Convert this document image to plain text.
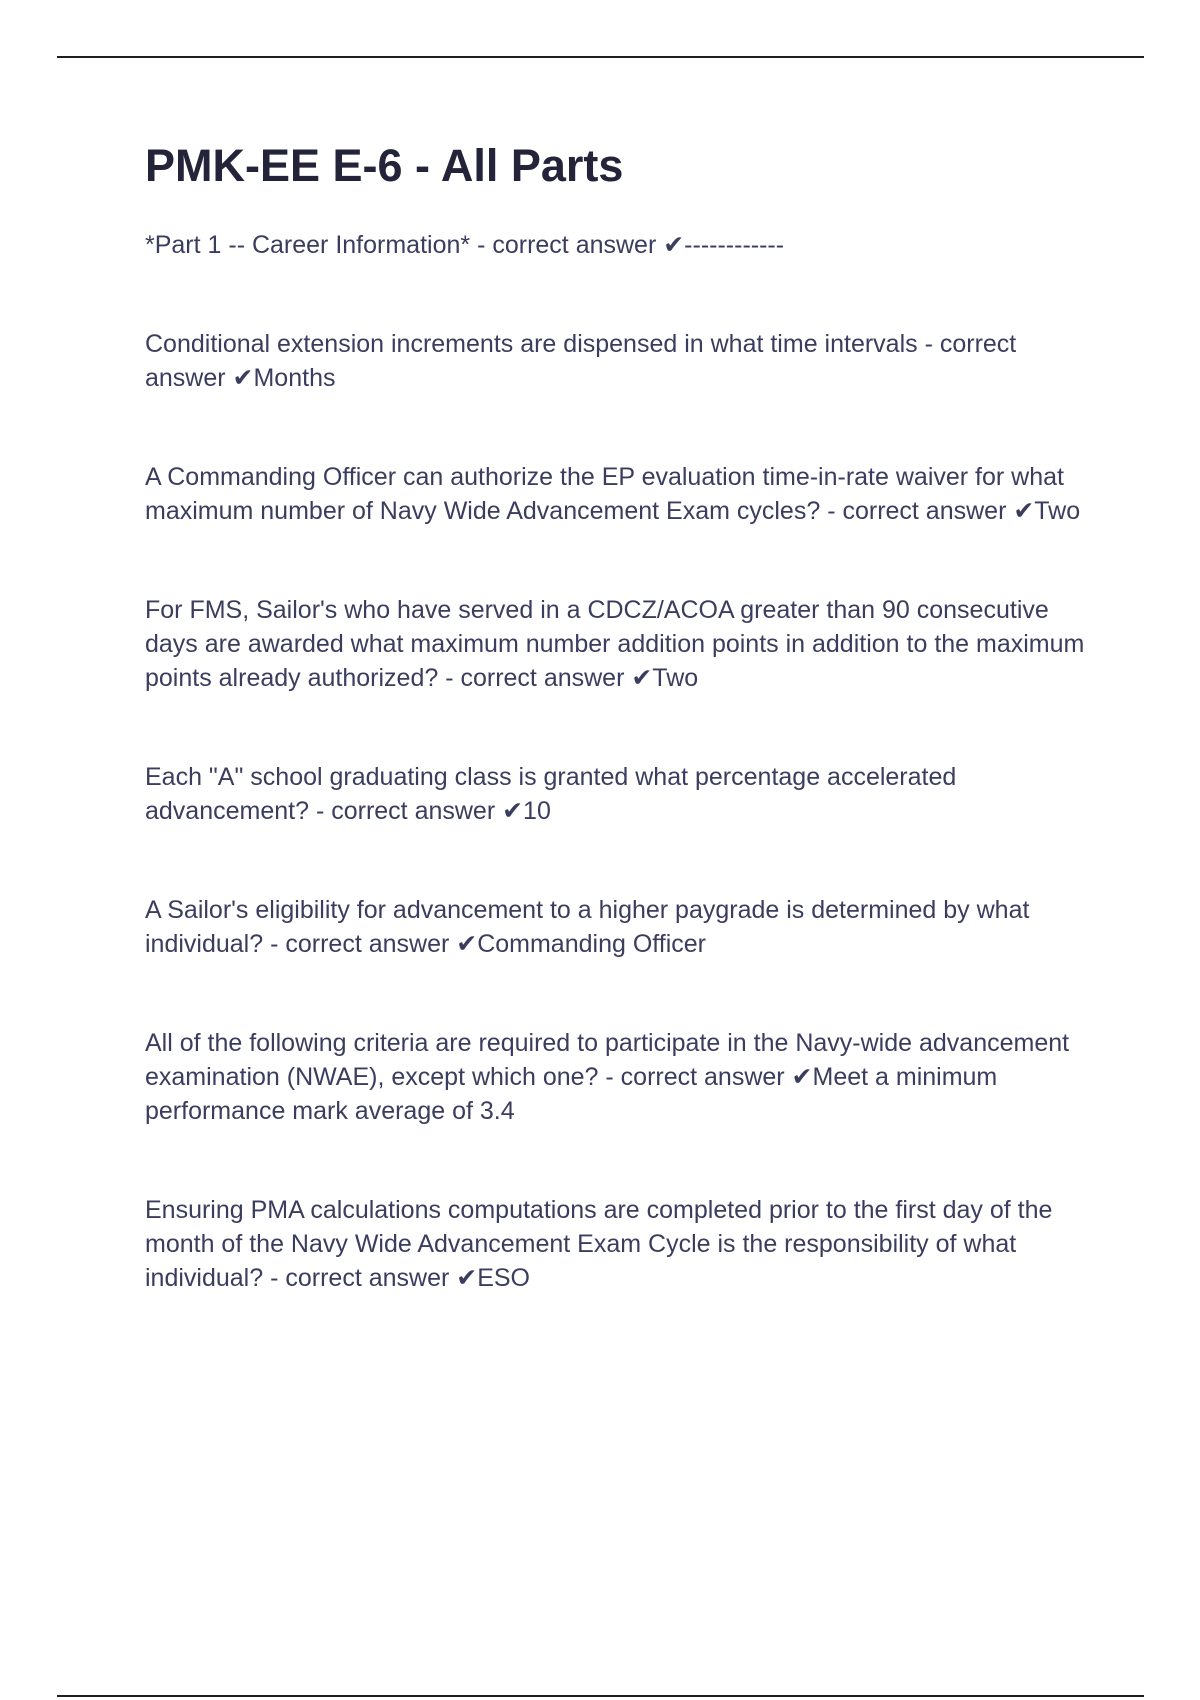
PMK-EE E-6 - All Parts

*Part 1 -- Career Information* - correct answer ✔------------

Conditional extension increments are dispensed in what time intervals - correct answer ✔Months

A Commanding Officer can authorize the EP evaluation time-in-rate waiver for what maximum number of Navy Wide Advancement Exam cycles? - correct answer ✔Two

For FMS, Sailor's who have served in a CDCZ/ACOA greater than 90 consecutive days are awarded what maximum number addition points in addition to the maximum points already authorized? - correct answer ✔Two

Each "A" school graduating class is granted what percentage accelerated advancement? - correct answer ✔10

A Sailor's eligibility for advancement to a higher paygrade is determined by what individual? - correct answer ✔Commanding Officer

All of the following criteria are required to participate in the Navy-wide advancement examination (NWAE), except which one? - correct answer ✔Meet a minimum performance mark average of 3.4

Ensuring PMA calculations computations are completed prior to the first day of the month of the Navy Wide Advancement Exam Cycle is the responsibility of what individual? - correct answer ✔ESO
